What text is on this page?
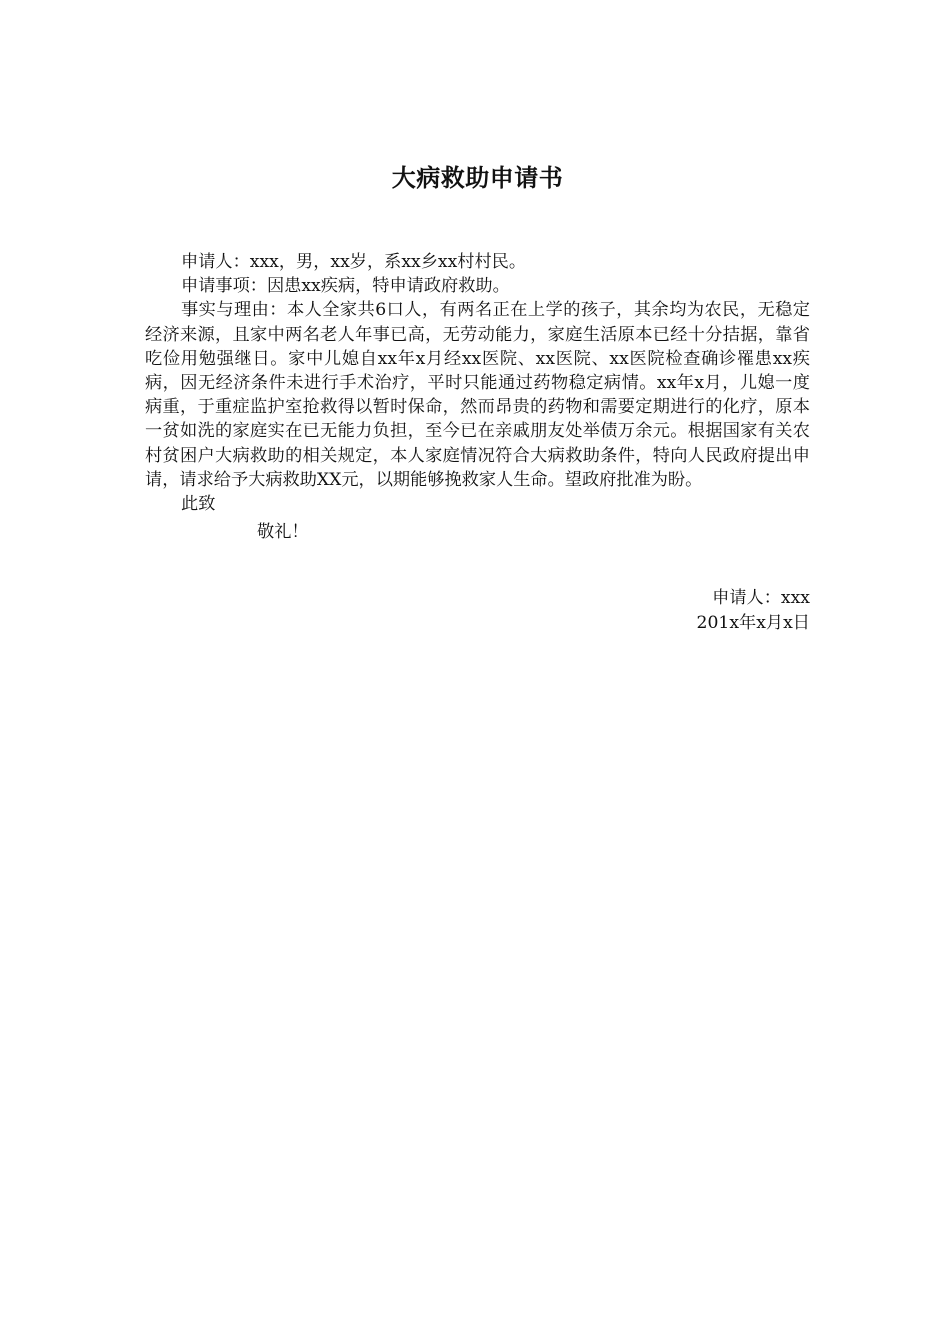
大病救助申请书

申请人：xxx，男，xx岁，系xx乡xx村村民。

申请事项：因患xx疾病，特申请政府救助。

事实与理由：本人全家共6口人，有两名正在上学的孩子，其余均为农民，无稳定经济来源，且家中两名老人年事已高，无劳动能力，家庭生活原本已经十分拮据，靠省吃俭用勉强继日。家中儿媳自xx年x月经xx医院、xx医院、xx医院检查确诊罹患xx疾病，因无经济条件未进行手术治疗，平时只能通过药物稳定病情。xx年x月，儿媳一度病重，于重症监护室抢救得以暂时保命，然而昂贵的药物和需要定期进行的化疗，原本一贫如洗的家庭实在已无能力负担，至今已在亲戚朋友处举债万余元。根据国家有关农村贫困户大病救助的相关规定，本人家庭情况符合大病救助条件，特向人民政府提出申请，请求给予大病救助XX元，以期能够挽救家人生命。望政府批准为盼。

此致

敬礼！

申请人：xxx
201x年x月x日
